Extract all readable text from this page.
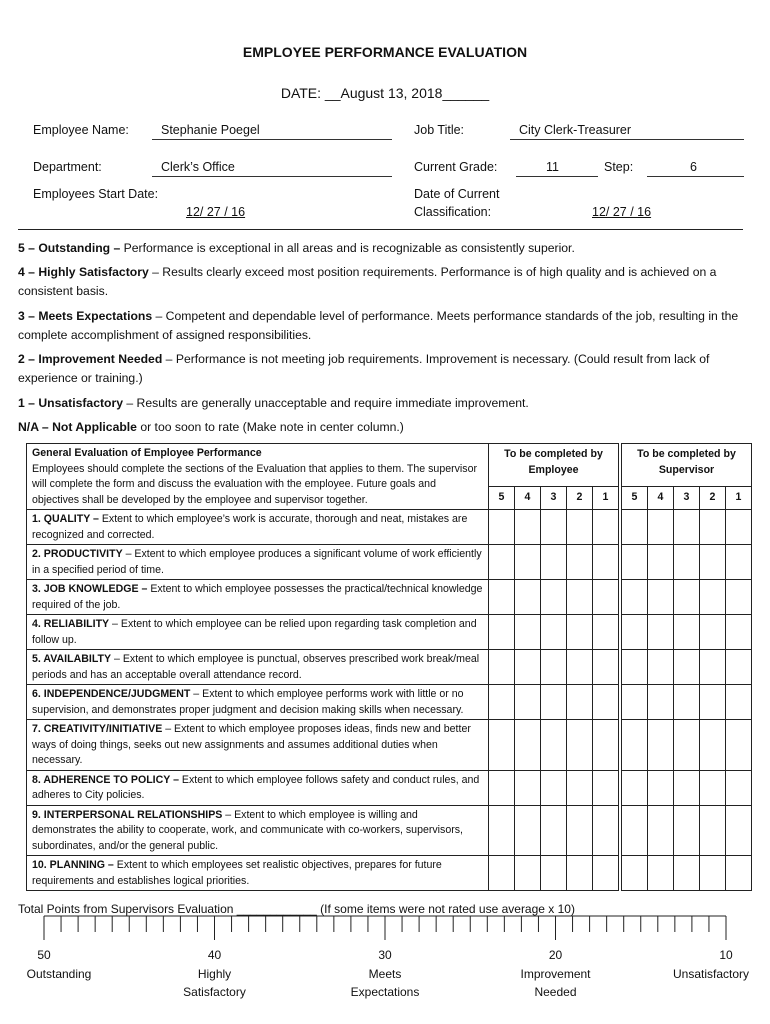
EMPLOYEE PERFORMANCE EVALUATION
DATE: __August 13, 2018______
Employee Name:	Stephanie Poegel	Job Title:	City Clerk-Treasurer
Department:	Clerk’s Office	Current Grade:	11	Step:	6
Employees Start Date:
12/ 27 / 16
Date of Current
Classification:	12/ 27 / 16
5 – Outstanding – Performance is exceptional in all areas and is recognizable as consistently superior.
4 – Highly Satisfactory – Results clearly exceed most position requirements. Performance is of high quality and is achieved on a consistent basis.
3 – Meets Expectations – Competent and dependable level of performance. Meets performance standards of the job, resulting in the complete accomplishment of assigned responsibilities.
2 – Improvement Needed – Performance is not meeting job requirements. Improvement is necessary. (Could result from lack of experience or training.)
1 – Unsatisfactory – Results are generally unacceptable and require immediate improvement.
N/A – Not Applicable or too soon to rate (Make note in center column.)
General Evaluation of Employee Performance
Employees should complete the sections of the Evaluation that applies to them. The supervisor will complete the form and discuss the evaluation with the employee. Future goals and objectives shall be developed by the employee and supervisor together.	To be completed by Employee						To be completed by Supervisor				
	5	4	3	2	1		5	4	3	2	1
1. QUALITY – Extent to which employee’s work is accurate, thorough and neat, mistakes are recognized and corrected.											
2. PRODUCTIVITY – Extent to which employee produces a significant volume of work efficiently in a specified period of time.											
3. JOB KNOWLEDGE – Extent to which employee possesses the practical/technical knowledge required of the job.											
4. RELIABILITY – Extent to which employee can be relied upon regarding task completion and follow up.											
5. AVAILABILTY – Extent to which employee is punctual, observes prescribed work break/meal periods and has an acceptable overall attendance record.											
6. INDEPENDENCE/JUDGMENT – Extent to which employee performs work with little or no supervision, and demonstrates proper judgment and decision making skills when necessary.											
7. CREATIVITY/INITIATIVE – Extent to which employee proposes ideas, finds new and better ways of doing things, seeks out new assignments and assumes additional duties when necessary.											
8. ADHERENCE TO POLICY – Extent to which employee follows safety and conduct rules, and adheres to City policies.											
9. INTERPERSONAL RELATIONSHIPS – Extent to which employee is willing and demonstrates the ability to cooperate, work, and communicate with co-workers, supervisors, subordinates, and/or the general public.											
10. PLANNING – Extent to which employees set realistic objectives, prepares for future requirements and establishes logical priorities.											
Total Points from Supervisors Evaluation ____________ (If some items were not rated use average x 10)
50
Outstanding
40
Highly
Satisfactory
30
Meets
Expectations
20
Improvement
Needed
10
Unsatisfactory
